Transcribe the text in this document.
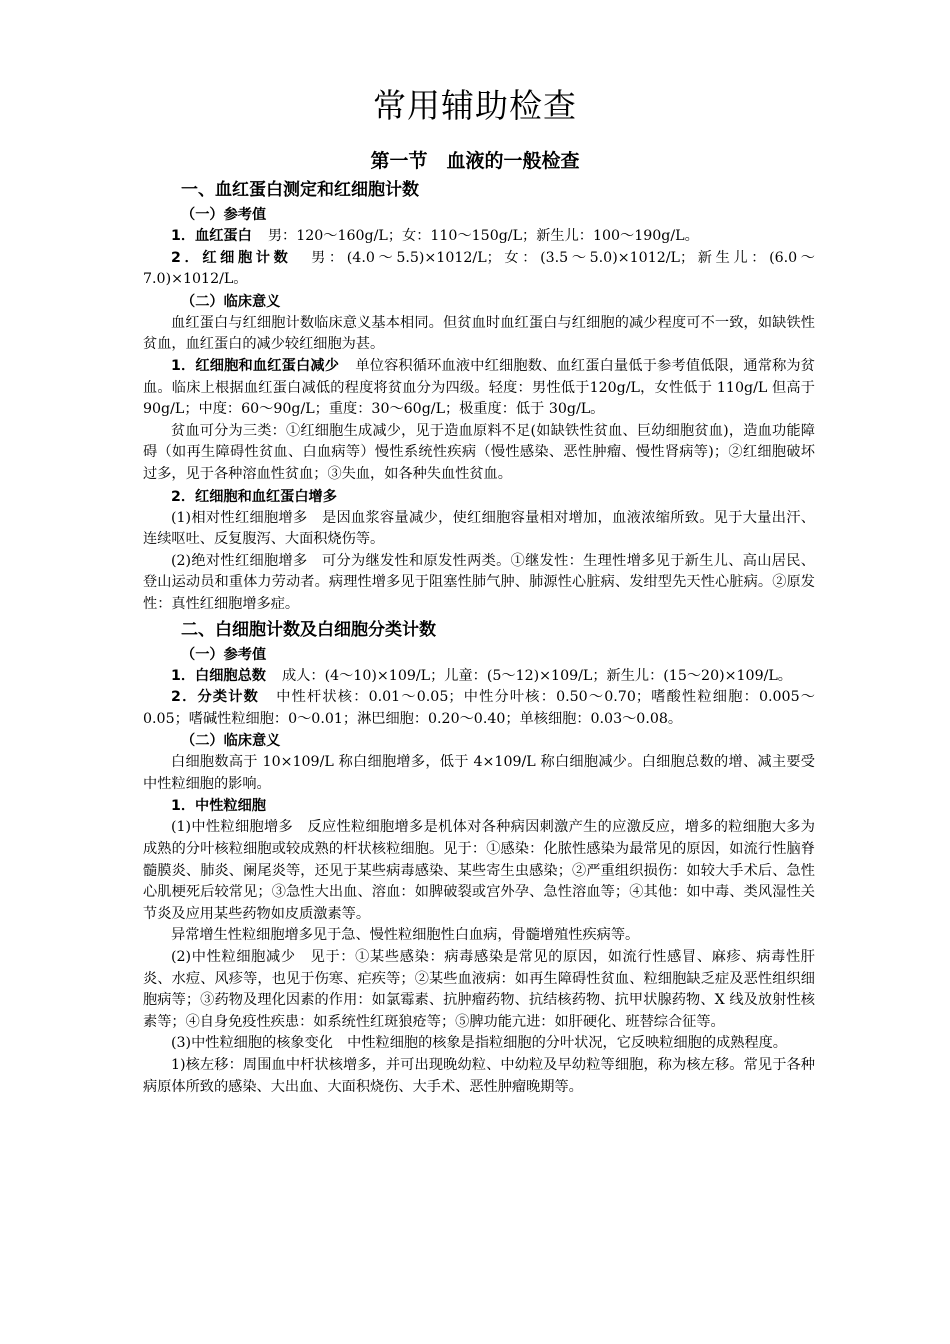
常用辅助检查
第一节　血液的一般检查

一、血红蛋白测定和红细胞计数

（一）参考值

1．血红蛋白 男：120～160g/L；女：110～150g/L；新生儿：100～190g/L。

2．红细胞计数 男：(4.0～5.5)×1012/L；女：(3.5～5.0)×1012/L；新生儿：(6.0～7.0)×1012/L。

（二）临床意义

血红蛋白与红细胞计数临床意义基本相同。但贫血时血红蛋白与红细胞的减少程度可不一致，如缺铁性贫血，血红蛋白的减少较红细胞为甚。

1．红细胞和血红蛋白减少 单位容积循环血液中红细胞数、血红蛋白量低于参考值低限，通常称为贫血。临床上根据血红蛋白减低的程度将贫血分为四级。轻度：男性低于120g/L，女性低于 110g/L 但高于 90g/L；中度：60～90g/L；重度：30～60g/L；极重度：低于 30g/L。

贫血可分为三类：①红细胞生成减少，见于造血原料不足(如缺铁性贫血、巨幼细胞贫血)，造血功能障碍（如再生障碍性贫血、白血病等）慢性系统性疾病（慢性感染、恶性肿瘤、慢性肾病等)；②红细胞破坏过多，见于各种溶血性贫血；③失血，如各种失血性贫血。

2．红细胞和血红蛋白增多

(1)相对性红细胞增多　是因血浆容量减少，使红细胞容量相对增加，血液浓缩所致。见于大量出汗、连续呕吐、反复腹泻、大面积烧伤等。

(2)绝对性红细胞增多　可分为继发性和原发性两类。①继发性：生理性增多见于新生儿、高山居民、登山运动员和重体力劳动者。病理性增多见于阻塞性肺气肿、肺源性心脏病、发绀型先天性心脏病。②原发性：真性红细胞增多症。

二、白细胞计数及白细胞分类计数

（一）参考值

1．白细胞总数 成人：(4～10)×109/L；儿童：(5～12)×109/L；新生儿：(15～20)×109/L。

2．分类计数 中性杆状核：0.01～0.05；中性分叶核：0.50～0.70；嗜酸性粒细胞：0.005～0.05；嗜碱性粒细胞：0～0.01；淋巴细胞：0.20～0.40；单核细胞：0.03～0.08。

（二）临床意义

白细胞数高于 10×109/L 称白细胞增多，低于 4×109/L 称白细胞减少。白细胞总数的增、减主要受中性粒细胞的影响。

1．中性粒细胞

(1)中性粒细胞增多　反应性粒细胞增多是机体对各种病因刺激产生的应激反应，增多的粒细胞大多为成熟的分叶核粒细胞或较成熟的杆状核粒细胞。见于：①感染：化脓性感染为最常见的原因，如流行性脑脊髓膜炎、肺炎、阑尾炎等，还见于某些病毒感染、某些寄生虫感染；②严重组织损伤：如较大手术后、急性心肌梗死后较常见；③急性大出血、溶血：如脾破裂或宫外孕、急性溶血等；④其他：如中毒、类风湿性关节炎及应用某些药物如皮质激素等。

异常增生性粒细胞增多见于急、慢性粒细胞性白血病，骨髓增殖性疾病等。

(2)中性粒细胞减少　见于：①某些感染：病毒感染是常见的原因，如流行性感冒、麻疹、病毒性肝炎、水痘、风疹等，也见于伤寒、疟疾等；②某些血液病：如再生障碍性贫血、粒细胞缺乏症及恶性组织细胞病等；③药物及理化因素的作用：如氯霉素、抗肿瘤药物、抗结核药物、抗甲状腺药物、X 线及放射性核素等；④自身免疫性疾患：如系统性红斑狼疮等；⑤脾功能亢进：如肝硬化、班替综合征等。

(3)中性粒细胞的核象变化　中性粒细胞的核象是指粒细胞的分叶状况，它反映粒细胞的成熟程度。

1)核左移：周围血中杆状核增多，并可出现晚幼粒、中幼粒及早幼粒等细胞，称为核左移。常见于各种病原体所致的感染、大出血、大面积烧伤、大手术、恶性肿瘤晚期等。
